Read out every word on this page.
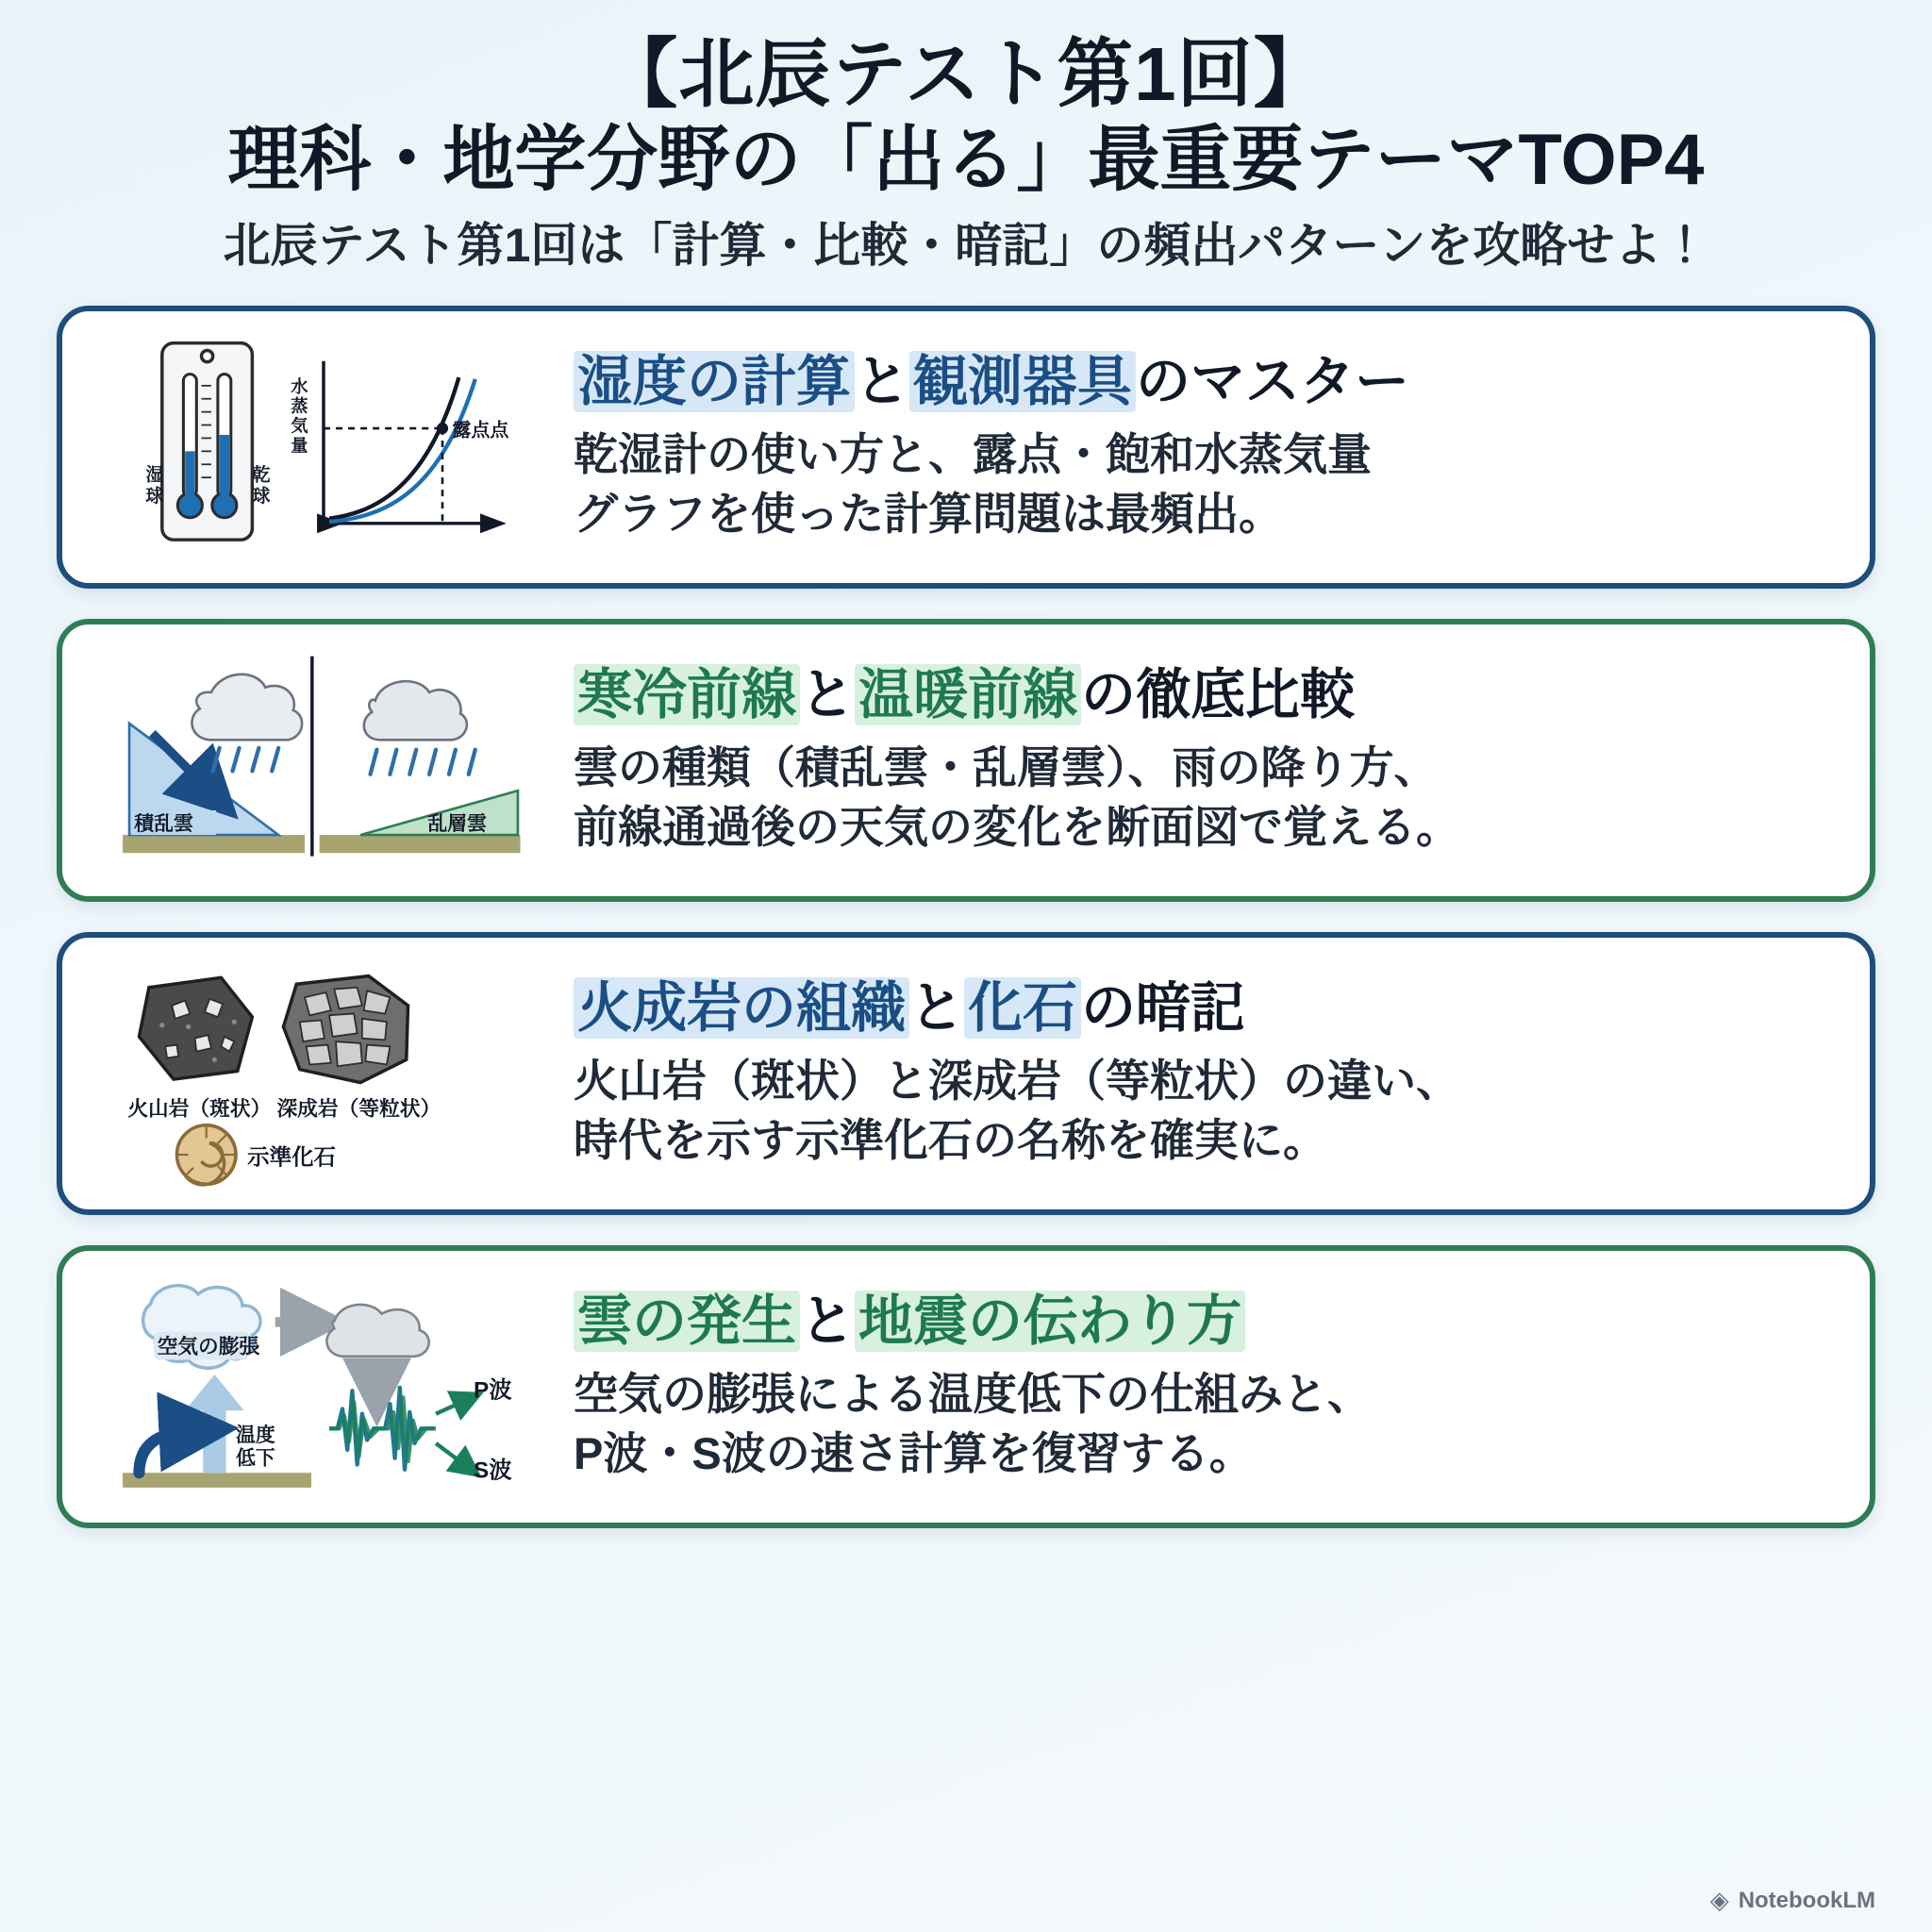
【北辰テスト第1回】
理科・地学分野の「出る」最重要テーマTOP4
北辰テスト第1回は「計算・比較・暗記」の頻出パターンを攻略せよ！
湿
球
乾
球
水
蒸
気
量
露点点
湿度の計算と観測器具のマスター
乾湿計の使い方と、露点・飽和水蒸気量
グラフを使った計算問題は最頻出。
積乱雲	乱層雲
寒冷前線と温暖前線の徹底比較
雲の種類（積乱雲・乱層雲）、雨の降り方、
前線通過後の天気の変化を断面図で覚える。
火山岩（斑状） 深成岩（等粒状）
示準化石
火成岩の組織と化石の暗記
火山岩（斑状）と深成岩（等粒状）の違い、
時代を示す示準化石の名称を確実に。
空気の膨張
温度
低下
P波
S波
雲の発生と地震の伝わり方
空気の膨張による温度低下の仕組みと、
P波・S波の速さ計算を復習する。
◈ NotebookLM
